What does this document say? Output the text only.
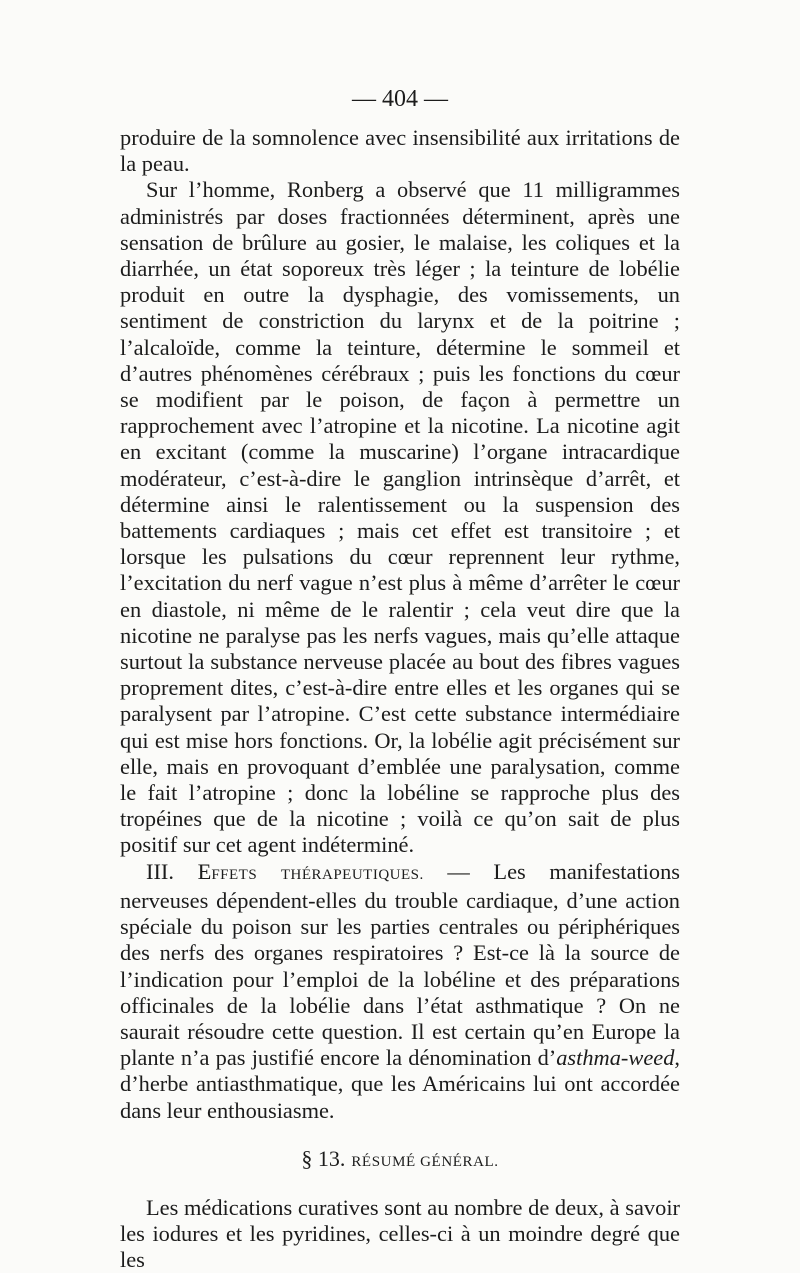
— 404 —

produire de la somnolence avec insensibilité aux irritations de la peau.

Sur l’homme, Ronberg a observé que 11 milligrammes administrés par doses fractionnées déterminent, après une sensation de brûlure au gosier, le malaise, les coliques et la diarrhée, un état soporeux très léger ; la teinture de lobélie produit en outre la dysphagie, des vomissements, un sentiment de constriction du larynx et de la poitrine ; l’alcaloïde, comme la teinture, détermine le sommeil et d’autres phénomènes cérébraux ; puis les fonctions du cœur se modifient par le poison, de façon à permettre un rapprochement avec l’atropine et la nicotine. La nicotine agit en excitant (comme la muscarine) l’organe intracardique modérateur, c’est-à-dire le ganglion intrinsèque d’arrêt, et détermine ainsi le ralentissement ou la suspension des battements cardiaques ; mais cet effet est transitoire ; et lorsque les pulsations du cœur reprennent leur rythme, l’excitation du nerf vague n’est plus à même d’arrêter le cœur en diastole, ni même de le ralentir ; cela veut dire que la nicotine ne paralyse pas les nerfs vagues, mais qu’elle attaque surtout la substance nerveuse placée au bout des fibres vagues proprement dites, c’est-à-dire entre elles et les organes qui se paralysent par l’atropine. C’est cette substance intermédiaire qui est mise hors fonctions. Or, la lobélie agit précisément sur elle, mais en provoquant d’emblée une paralysation, comme le fait l’atropine ; donc la lobéline se rapproche plus des tropéines que de la nicotine ; voilà ce qu’on sait de plus positif sur cet agent indéterminé.

III. EFFETS THÉRAPEUTIQUES. — Les manifestations nerveuses dépendent-elles du trouble cardiaque, d’une action spéciale du poison sur les parties centrales ou périphériques des nerfs des organes respiratoires ? Est-ce là la source de l’indication pour l’emploi de la lobéline et des préparations officinales de la lobélie dans l’état asthmatique ? On ne saurait résoudre cette question. Il est certain qu’en Europe la plante n’a pas justifié encore la dénomination d’asthma-weed, d’herbe antiasthmatique, que les Américains lui ont accordée dans leur enthousiasme.

§ 13. RÉSUMÉ GÉNÉRAL.

Les médications curatives sont au nombre de deux, à savoir les iodures et les pyridines, celles-ci à un moindre degré que les
